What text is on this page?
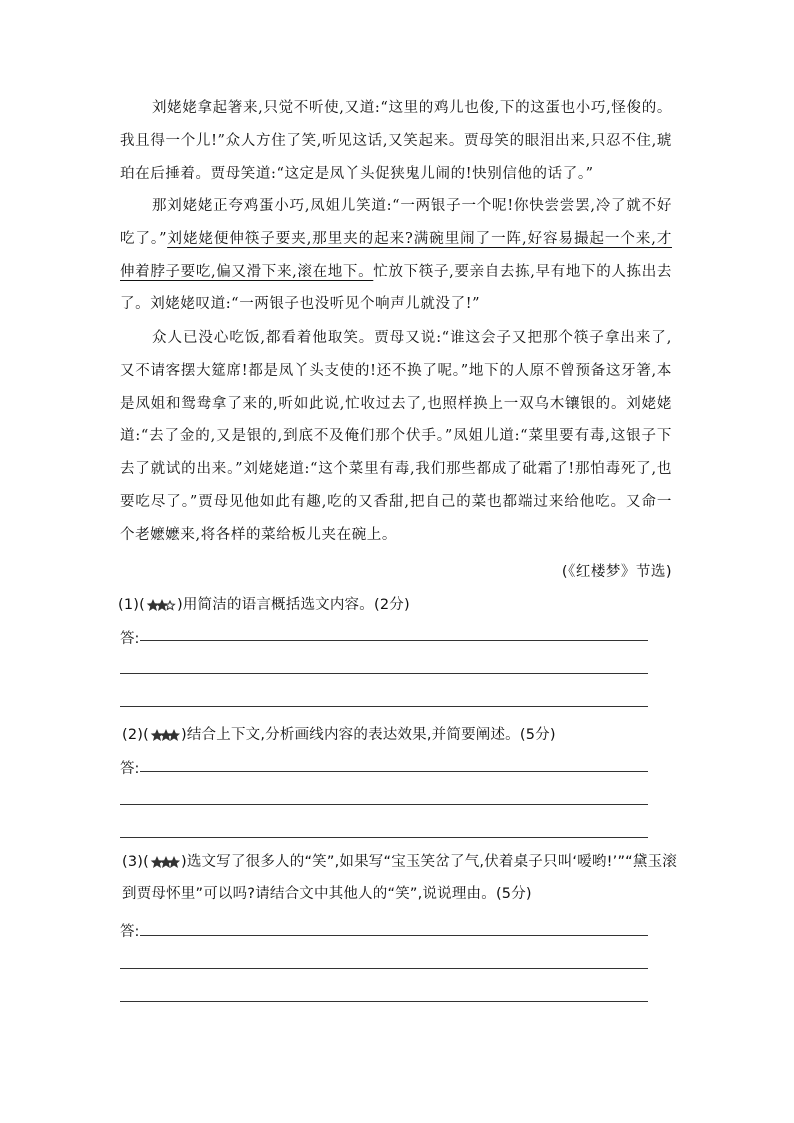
刘姥姥拿起箸来,只觉不听使,又道:“这里的鸡儿也俊,下的这蛋也小巧,怪俊的。我且得一个儿!”众人方住了笑,听见这话,又笑起来。贾母笑的眼泪出来,只忍不住,琥珀在后捶着。贾母笑道:“这定是凤丫头促狭鬼儿闹的!快别信他的话了。”

那刘姥姥正夸鸡蛋小巧,凤姐儿笑道:“一两银子一个呢!你快尝尝罢,冷了就不好吃了。”刘姥姥便伸筷子要夹,那里夹的起来?满碗里闹了一阵,好容易撮起一个来,才伸着脖子要吃,偏又滑下来,滚在地下。忙放下筷子,要亲自去拣,早有地下的人拣出去了。刘姥姥叹道:“一两银子也没听见个响声儿就没了!”

众人已没心吃饭,都看着他取笑。贾母又说:“谁这会子又把那个筷子拿出来了,又不请客摆大筵席!都是凤丫头支使的!还不换了呢。”地下的人原不曾预备这牙箸,本是凤姐和鸳鸯拿了来的,听如此说,忙收过去了,也照样换上一双乌木镶银的。刘姥姥道:“去了金的,又是银的,到底不及俺们那个伏手。”凤姐儿道:“菜里要有毒,这银子下去了就试的出来。”刘姥姥道:“这个菜里有毒,我们那些都成了砒霜了!那怕毒死了,也要吃尽了。”贾母见他如此有趣,吃的又香甜,把自己的菜也都端过来给他吃。又命一个老嬷嬷来,将各样的菜给板儿夹在碗上。

(《红楼梦》节选)

(1)( )用简洁的语言概括选文内容。(2分)

答:

(2)( )结合上下文,分析画线内容的表达效果,并简要阐述。(5分)

答:

(3)( )选文写了很多人的“笑”,如果写“宝玉笑岔了气,伏着桌子只叫‘嗳哟!’”“黛玉滚到贾母怀里”可以吗?请结合文中其他人的“笑”,说说理由。(5分)

答:
